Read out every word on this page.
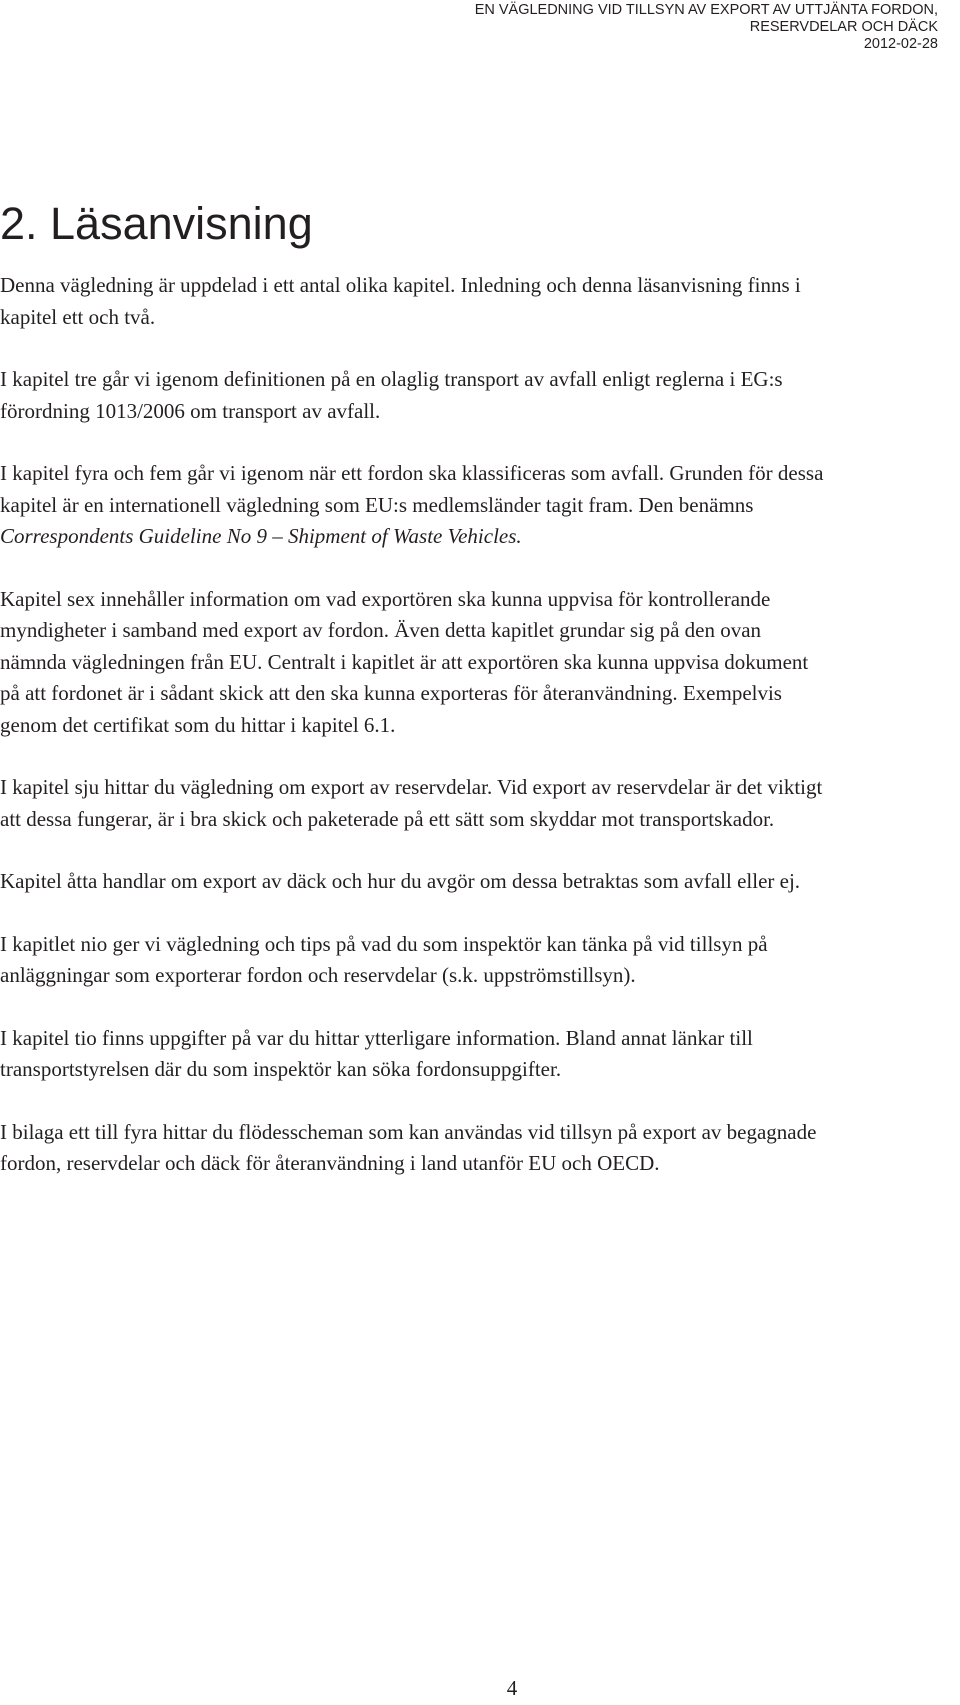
EN VÄGLEDNING VID TILLSYN AV EXPORT AV UTTJÄNTA FORDON,
RESERVDELAR OCH DÄCK
2012-02-28
2. Läsanvisning

Denna vägledning är uppdelad i ett antal olika kapitel. Inledning och denna läsanvisning finns i kapitel ett och två.

I kapitel tre går vi igenom definitionen på en olaglig transport av avfall enligt reglerna i EG:s förordning 1013/2006 om transport av avfall.

I kapitel fyra och fem går vi igenom när ett fordon ska klassificeras som avfall. Grunden för dessa kapitel är en internationell vägledning som EU:s medlemsländer tagit fram. Den benämns Correspondents Guideline No 9 – Shipment of Waste Vehicles.

Kapitel sex innehåller information om vad exportören ska kunna uppvisa för kontrollerande myndigheter i samband med export av fordon. Även detta kapitlet grundar sig på den ovan nämnda vägledningen från EU. Centralt i kapitlet är att exportören ska kunna uppvisa dokument på att fordonet är i sådant skick att den ska kunna exporteras för återanvändning. Exempelvis genom det certifikat som du hittar i kapitel 6.1.

I kapitel sju hittar du vägledning om export av reservdelar. Vid export av reservdelar är det viktigt att dessa fungerar, är i bra skick och paketerade på ett sätt som skyddar mot transportskador.

Kapitel åtta handlar om export av däck och hur du avgör om dessa betraktas som avfall eller ej.

I kapitlet nio ger vi vägledning och tips på vad du som inspektör kan tänka på vid tillsyn på anläggningar som exporterar fordon och reservdelar (s.k. uppströmstillsyn).

I kapitel tio finns uppgifter på var du hittar ytterligare information. Bland annat länkar till transportstyrelsen där du som inspektör kan söka fordonsuppgifter.

I bilaga ett till fyra hittar du flödesscheman som kan användas vid tillsyn på export av begagnade fordon, reservdelar och däck för återanvändning i land utanför EU och OECD.

4
